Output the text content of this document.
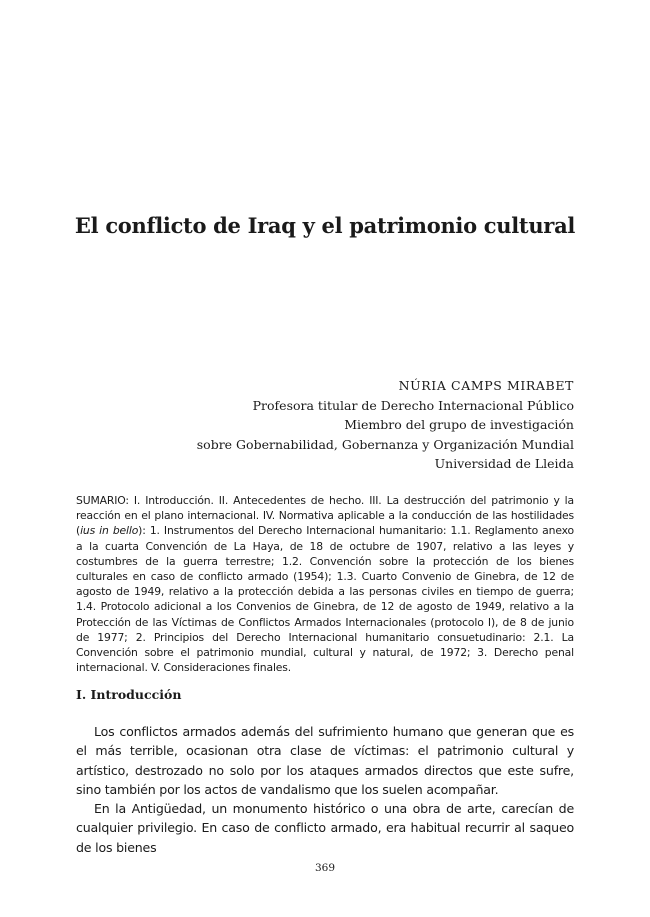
El conflicto de Iraq y el patrimonio cultural
NÚRIA CAMPS MIRABET
Profesora titular de Derecho Internacional Público
Miembro del grupo de investigación
sobre Gobernabilidad, Gobernanza y Organización Mundial
Universidad de Lleida

SUMARIO: I. Introducción. II. Antecedentes de hecho. III. La destrucción del patrimonio y la reacción en el plano internacional. IV. Normativa aplicable a la conducción de las hostilidades (ius in bello): 1. Instrumentos del Derecho Internacional humanitario: 1.1. Reglamento anexo a la cuarta Convención de La Haya, de 18 de octubre de 1907, relativo a las leyes y costumbres de la guerra terrestre; 1.2. Convención sobre la protección de los bienes culturales en caso de conflicto armado (1954); 1.3. Cuarto Convenio de Ginebra, de 12 de agosto de 1949, relativo a la protección debida a las personas civiles en tiempo de guerra; 1.4. Protocolo adicional a los Convenios de Ginebra, de 12 de agosto de 1949, relativo a la Protección de las Víctimas de Conflictos Armados Internacionales (protocolo I), de 8 de junio de 1977; 2. Principios del Derecho Internacional humanitario consuetudinario: 2.1. La Convención sobre el patrimonio mundial, cultural y natural, de 1972; 3. Derecho penal internacional. V. Consideraciones finales.

I. Introducción

Los conflictos armados además del sufrimiento humano que generan que es el más terrible, ocasionan otra clase de víctimas: el patrimonio cultural y artístico, destrozado no solo por los ataques armados directos que este sufre, sino también por los actos de vandalismo que los suelen acompañar.

En la Antigüedad, un monumento histórico o una obra de arte, carecían de cualquier privilegio. En caso de conflicto armado, era habitual recurrir al saqueo de los bienes

369
